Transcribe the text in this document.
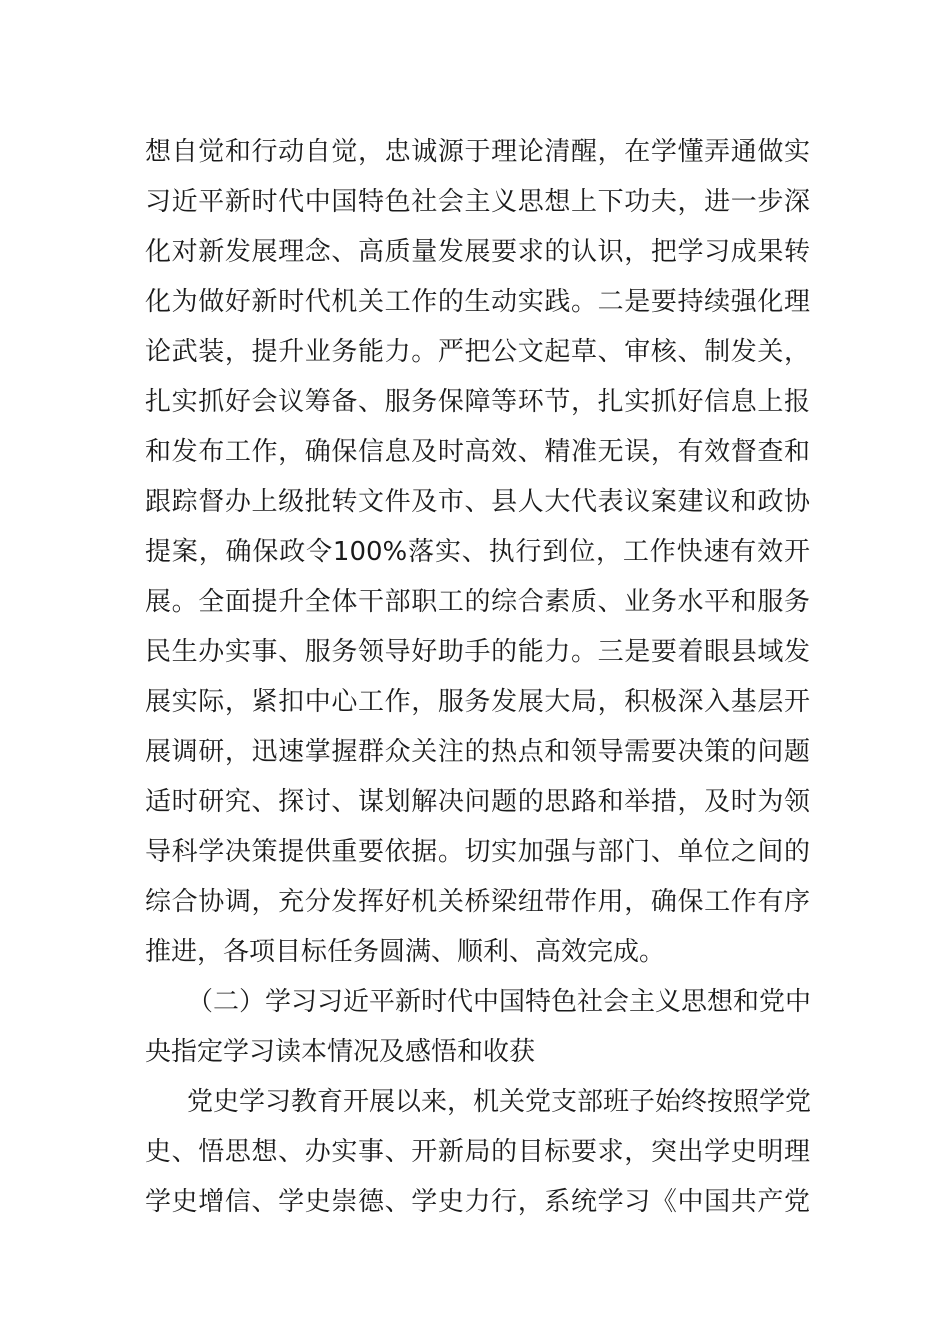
想自觉和行动自觉，忠诚源于理论清醒，在学懂弄通做实
习近平新时代中国特色社会主义思想上下功夫，进一步深
化对新发展理念、高质量发展要求的认识，把学习成果转
化为做好新时代机关工作的生动实践。二是要持续强化理
论武装，提升业务能力。严把公文起草、审核、制发关，
扎实抓好会议筹备、服务保障等环节，扎实抓好信息上报
和发布工作，确保信息及时高效、精准无误，有效督查和
跟踪督办上级批转文件及市、县人大代表议案建议和政协
提案，确保政令100%落实、执行到位，工作快速有效开
展。全面提升全体干部职工的综合素质、业务水平和服务
民生办实事、服务领导好助手的能力。三是要着眼县域发
展实际，紧扣中心工作，服务发展大局，积极深入基层开
展调研，迅速掌握群众关注的热点和领导需要决策的问题
适时研究、探讨、谋划解决问题的思路和举措，及时为领
导科学决策提供重要依据。切实加强与部门、单位之间的
综合协调，充分发挥好机关桥梁纽带作用，确保工作有序
推进，各项目标任务圆满、顺利、高效完成。
（二）学习习近平新时代中国特色社会主义思想和党中
央指定学习读本情况及感悟和收获
党史学习教育开展以来，机关党支部班子始终按照学党
史、悟思想、办实事、开新局的目标要求，突出学史明理
学史增信、学史崇德、学史力行，系统学习《中国共产党
